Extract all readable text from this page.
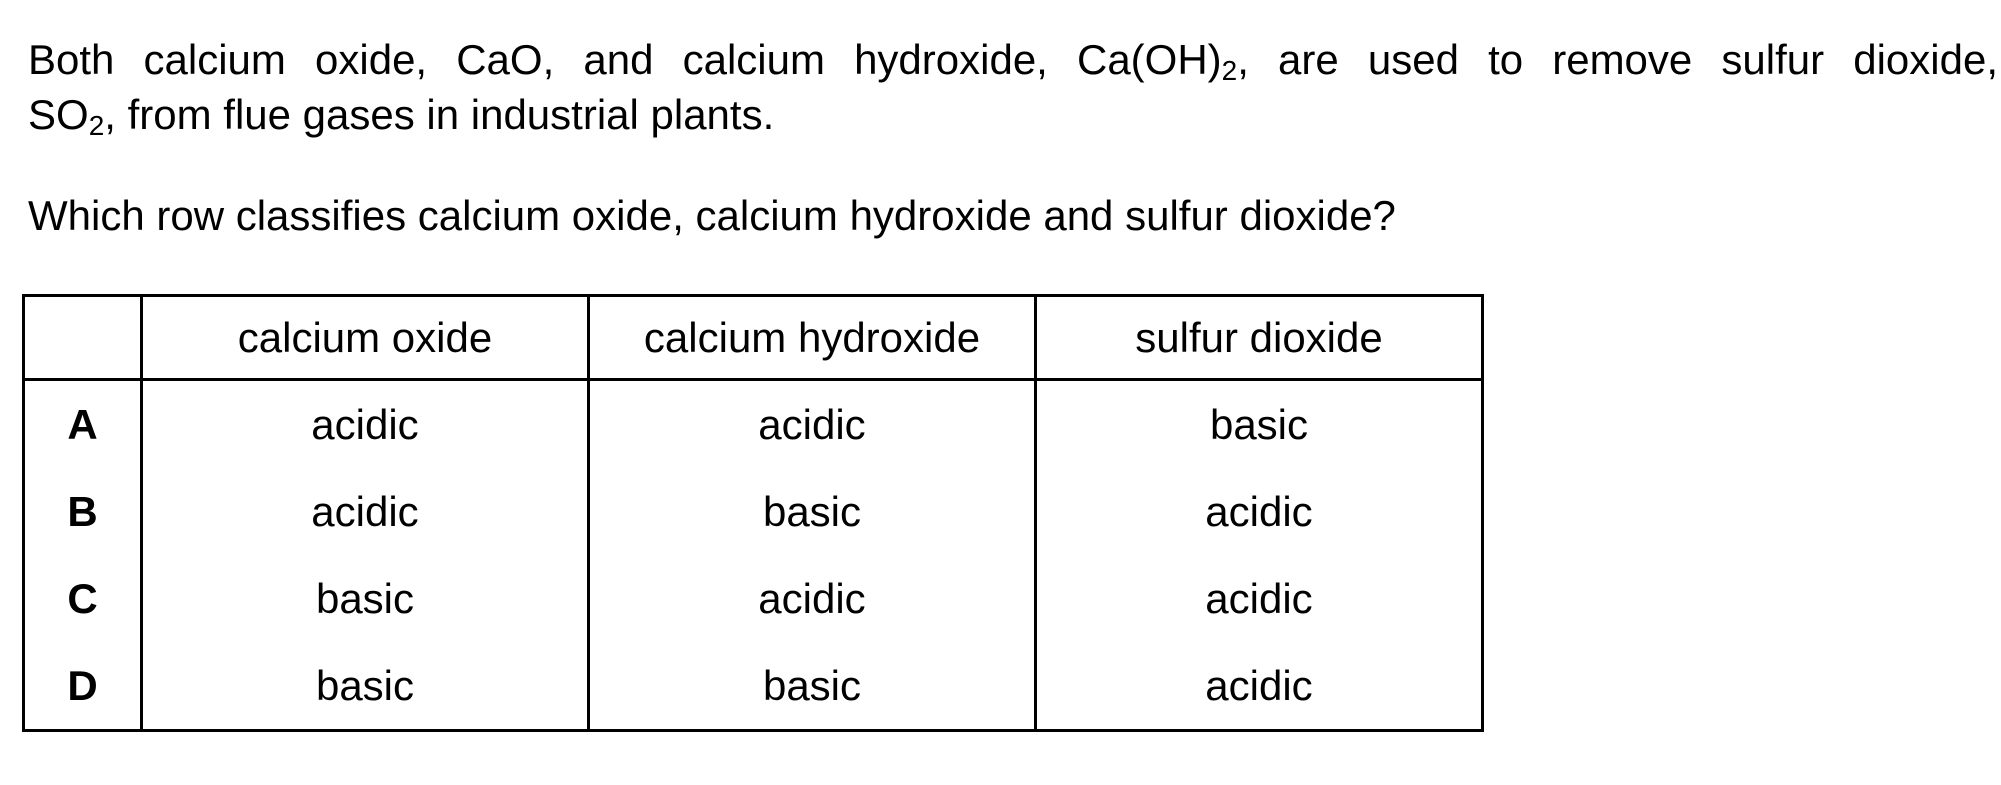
Both calcium oxide, CaO, and calcium hydroxide, $Ca(OH)_2$, are used to remove sulfur dioxide,
$SO_2$, from flue gases in industrial plants.

Which row classifies calcium oxide, calcium hydroxide and sulfur dioxide?

	calcium oxide	calcium hydroxide	sulfur dioxide
A	acidic	acidic	basic
B	acidic	basic	acidic
C	basic	acidic	acidic
D	basic	basic	acidic
